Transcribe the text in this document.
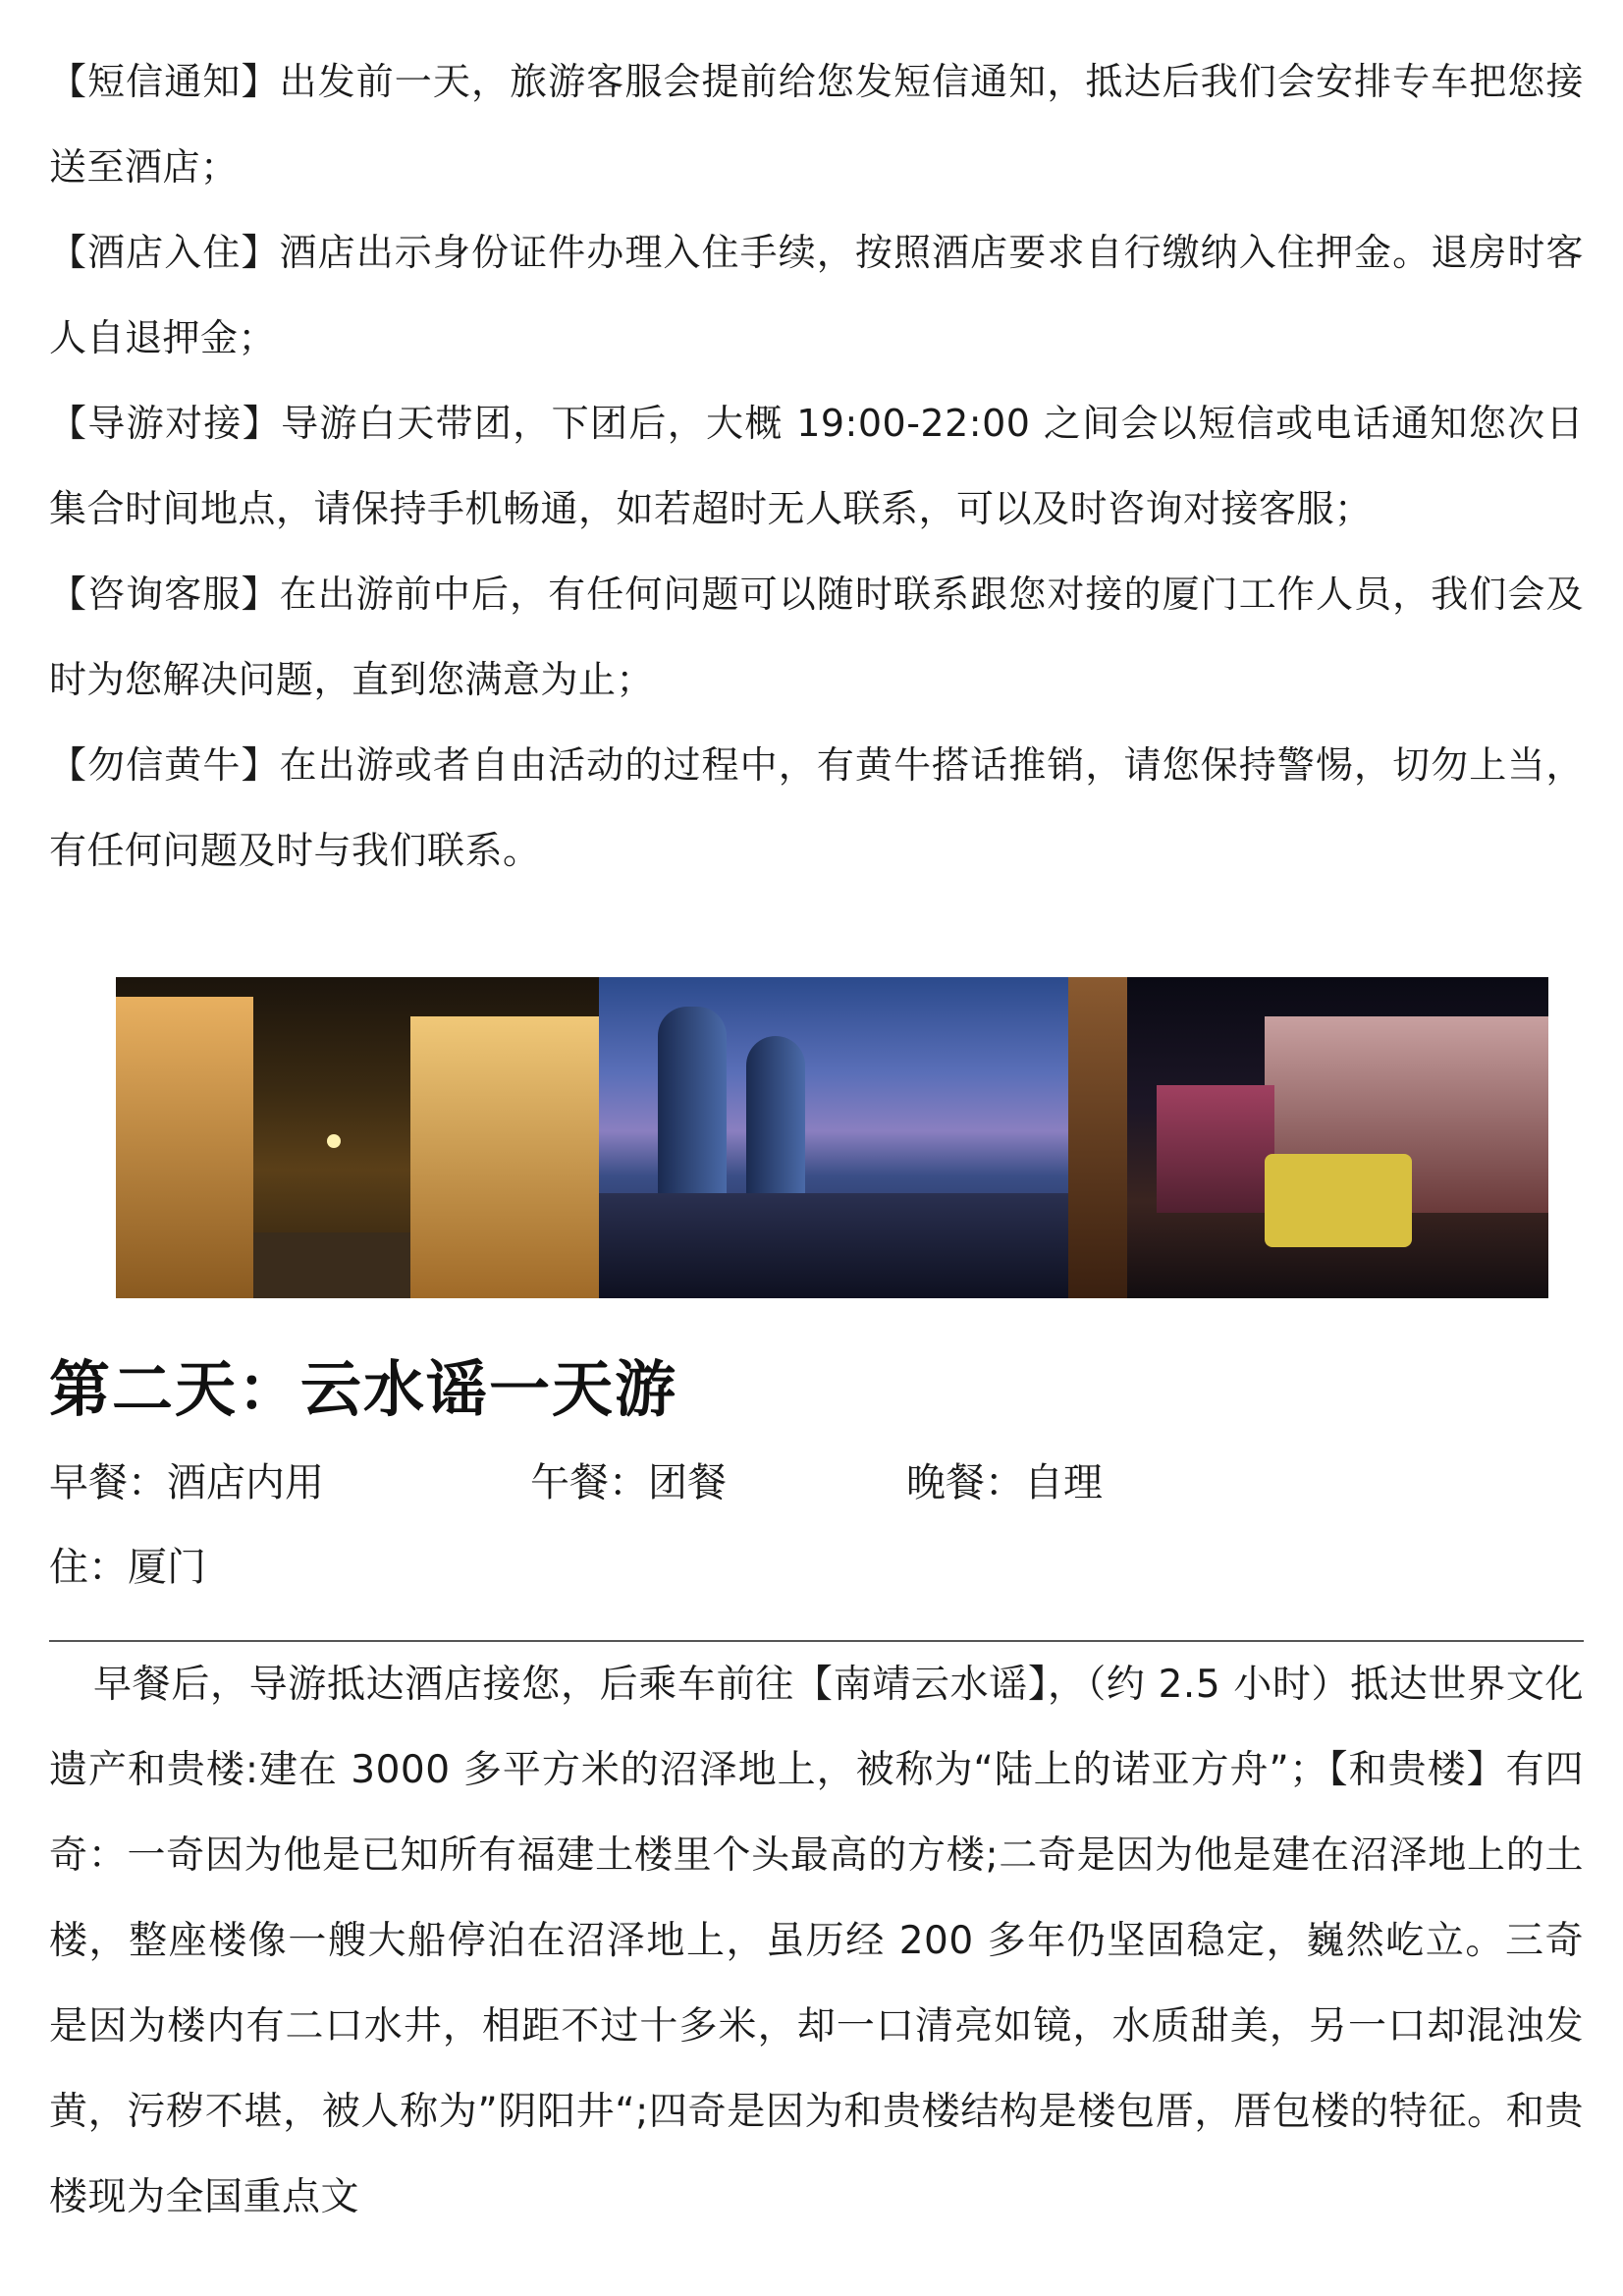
【短信通知】出发前一天，旅游客服会提前给您发短信通知，抵达后我们会安排专车把您接送至酒店；

【酒店入住】酒店出示身份证件办理入住手续，按照酒店要求自行缴纳入住押金。退房时客人自退押金；

【导游对接】导游白天带团，下团后，大概 19:00-22:00 之间会以短信或电话通知您次日集合时间地点，请保持手机畅通，如若超时无人联系，可以及时咨询对接客服；

【咨询客服】在出游前中后，有任何问题可以随时联系跟您对接的厦门工作人员，我们会及时为您解决问题，直到您满意为止；

【勿信黄牛】在出游或者自由活动的过程中，有黄牛搭话推销，请您保持警惕，切勿上当，有任何问题及时与我们联系。

第二天：云水谣一天游
早餐：酒店内用	午餐：团餐	晚餐：自理
住：厦门

早餐后，导游抵达酒店接您，后乘车前往【南靖云水谣】，（约 2.5 小时）抵达世界文化遗产和贵楼:建在 3000 多平方米的沼泽地上，被称为“陆上的诺亚方舟”；【和贵楼】有四奇：一奇因为他是已知所有福建土楼里个头最高的方楼;二奇是因为他是建在沼泽地上的土楼，整座楼像一艘大船停泊在沼泽地上，虽历经 200 多年仍坚固稳定，巍然屹立。三奇是因为楼内有二口水井，相距不过十多米，却一口清亮如镜，水质甜美，另一口却混浊发黄，污秽不堪，被人称为”阴阳井“;四奇是因为和贵楼结构是楼包厝，厝包楼的特征。和贵楼现为全国重点文
